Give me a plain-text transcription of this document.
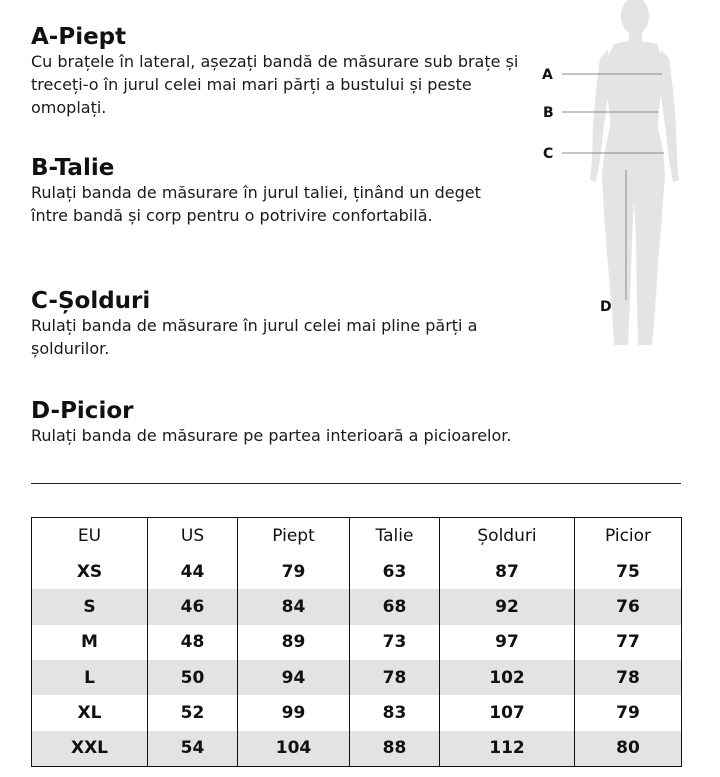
A-Piept

Cu brațele în lateral, așezați bandă de măsurare sub brațe și treceți-o în jurul celei mai mari părți a bustului și peste omoplați.

B-Talie

Rulați banda de măsurare în jurul taliei, ținând un deget între bandă și corp pentru o potrivire confortabilă.

C-Șolduri

Rulați banda de măsurare în jurul celei mai pline părți a șoldurilor.

D-Picior

Rulați banda de măsurare pe partea interioară a picioarelor.

A
B
C
D
EU	US	Piept	Talie	Șolduri	Picior
XS	44	79	63	87	75
S	46	84	68	92	76
M	48	89	73	97	77
L	50	94	78	102	78
XL	52	99	83	107	79
XXL	54	104	88	112	80
